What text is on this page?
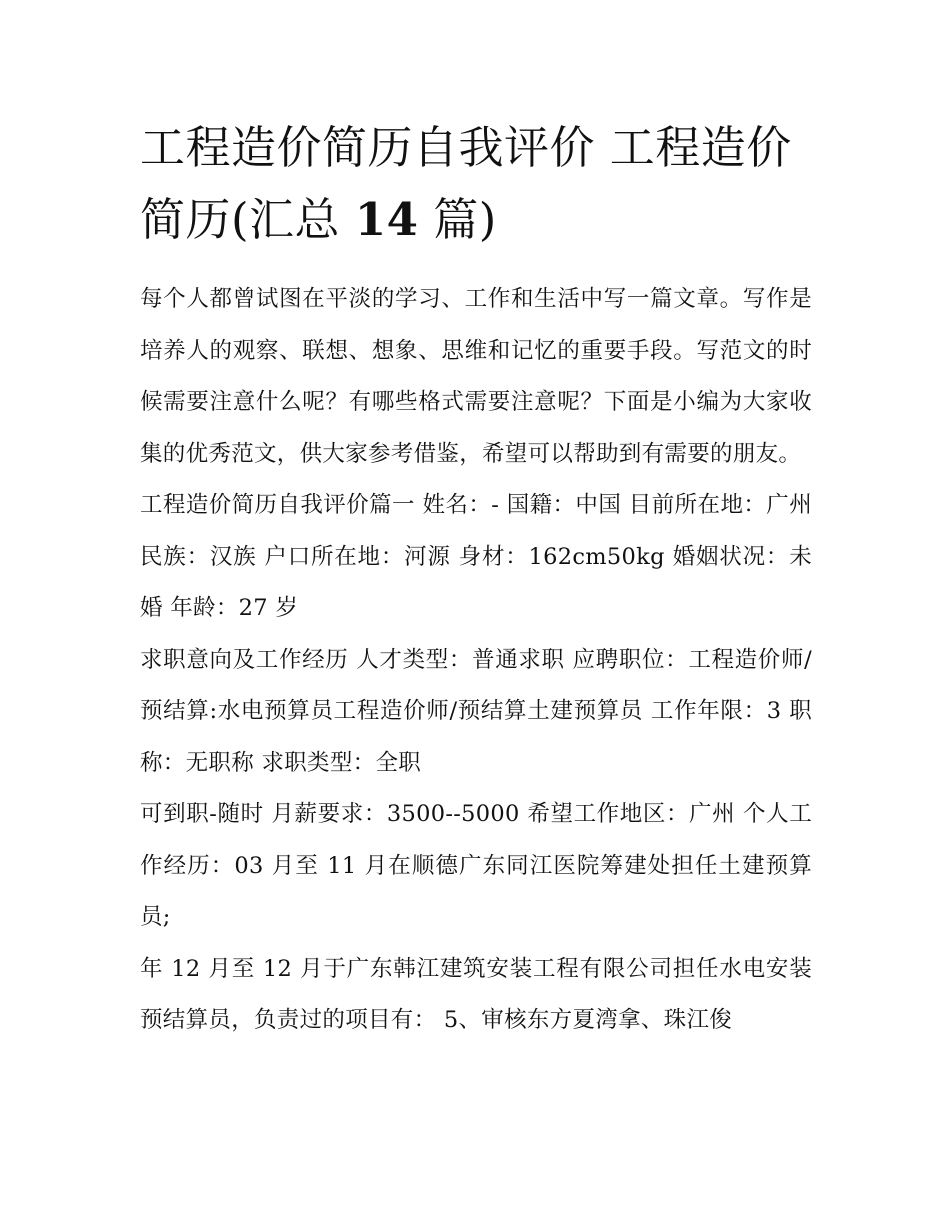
工程造价简历自我评价 工程造价简历(汇总 14 篇)

每个人都曾试图在平淡的学习、工作和生活中写一篇文章。写作是培养人的观察、联想、想象、思维和记忆的重要手段。写范文的时候需要注意什么呢？有哪些格式需要注意呢？下面是小编为大家收集的优秀范文，供大家参考借鉴，希望可以帮助到有需要的朋友。

工程造价简历自我评价篇一 姓名：- 国籍：中国 目前所在地：广州 民族：汉族 户口所在地：河源 身材：162cm50kg 婚姻状况：未婚 年龄：27 岁

求职意向及工作经历 人才类型：普通求职 应聘职位：工程造价师/预结算:水电预算员工程造价师/预结算土建预算员 工作年限：3 职称：无职称 求职类型：全职

可到职-随时 月薪要求：3500--5000 希望工作地区：广州 个人工作经历：03 月至 11 月在顺德广东同江医院筹建处担任土建预算员;

年 12 月至 12 月于广东韩江建筑安装工程有限公司担任水电安装预结算员，负责过的项目有： 5、审核东方夏湾拿、珠江俊
